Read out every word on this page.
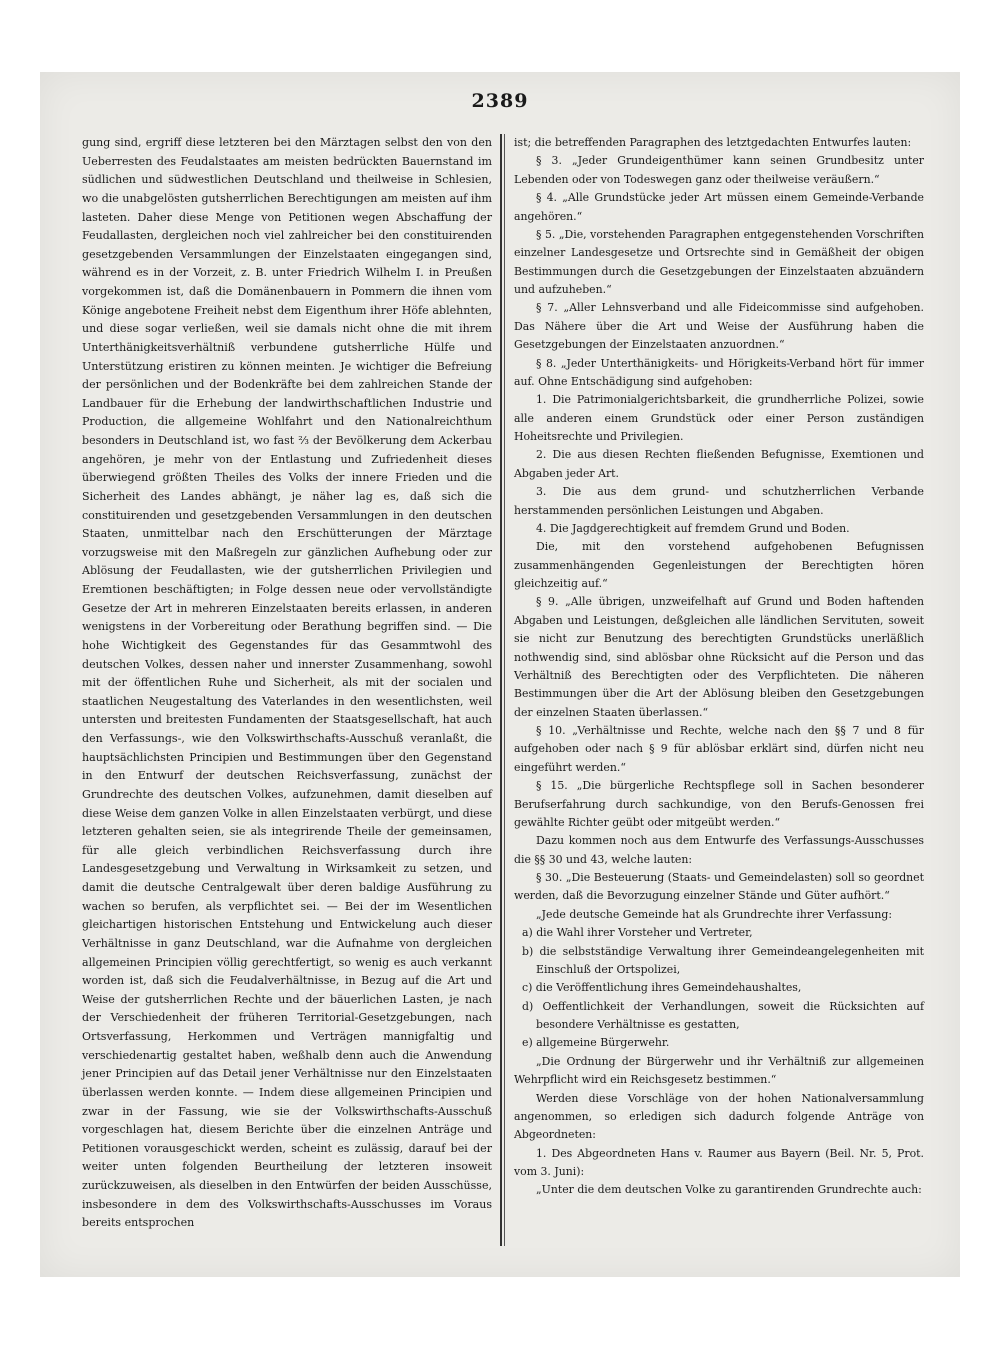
2389

gung sind, ergriff diese letzteren bei den Märztagen selbst den von den Ueberresten des Feudalstaates am meisten bedrückten Bauernstand im südlichen und südwestlichen Deutschland und theilweise in Schlesien, wo die unabgelösten gutsherrlichen Berechtigungen am meisten auf ihm lasteten. Daher diese Menge von Petitionen wegen Abschaffung der Feudallasten, dergleichen noch viel zahlreicher bei den constituirenden gesetzgebenden Versammlungen der Einzelstaaten eingegangen sind, während es in der Vorzeit, z. B. unter Friedrich Wilhelm I. in Preußen vorgekommen ist, daß die Domänenbauern in Pommern die ihnen vom Könige angebotene Freiheit nebst dem Eigenthum ihrer Höfe ablehnten, und diese sogar verließen, weil sie damals nicht ohne die mit ihrem Unterthänigkeitsverhältniß verbundene gutsherrliche Hülfe und Unterstützung eristiren zu können meinten. Je wichtiger die Befreiung der persönlichen und der Bodenkräfte bei dem zahlreichen Stande der Landbauer für die Erhebung der landwirthschaftlichen Industrie und Production, die allgemeine Wohlfahrt und den Nationalreichthum besonders in Deutschland ist, wo fast ⅔ der Bevölkerung dem Ackerbau angehören, je mehr von der Entlastung und Zufriedenheit dieses überwiegend größten Theiles des Volks der innere Frieden und die Sicherheit des Landes abhängt, je näher lag es, daß sich die constituirenden und gesetzgebenden Versammlungen in den deutschen Staaten, unmittelbar nach den Erschütterungen der Märztage vorzugsweise mit den Maßregeln zur gänzlichen Aufhebung oder zur Ablösung der Feudallasten, wie der gutsherrlichen Privilegien und Eremtionen beschäftigten; in Folge dessen neue oder vervollständigte Gesetze der Art in mehreren Einzelstaaten bereits erlassen, in anderen wenigstens in der Vorbereitung oder Berathung begriffen sind. — Die hohe Wichtigkeit des Gegenstandes für das Gesammtwohl des deutschen Volkes, dessen naher und innerster Zusammenhang, sowohl mit der öffentlichen Ruhe und Sicherheit, als mit der socialen und staatlichen Neugestaltung des Vaterlandes in den wesentlichsten, weil untersten und breitesten Fundamenten der Staatsgesellschaft, hat auch den Verfassungs-, wie den Volkswirthschafts-Ausschuß veranlaßt, die hauptsächlichsten Principien und Bestimmungen über den Gegenstand in den Entwurf der deutschen Reichsverfassung, zunächst der Grundrechte des deutschen Volkes, aufzunehmen, damit dieselben auf diese Weise dem ganzen Volke in allen Einzelstaaten verbürgt, und diese letzteren gehalten seien, sie als integrirende Theile der gemeinsamen, für alle gleich verbindlichen Reichsverfassung durch ihre Landesgesetzgebung und Verwaltung in Wirksamkeit zu setzen, und damit die deutsche Centralgewalt über deren baldige Ausführung zu wachen so berufen, als verpflichtet sei. — Bei der im Wesentlichen gleichartigen historischen Entstehung und Entwickelung auch dieser Verhältnisse in ganz Deutschland, war die Aufnahme von dergleichen allgemeinen Principien völlig gerechtfertigt, so wenig es auch verkannt worden ist, daß sich die Feudalverhältnisse, in Bezug auf die Art und Weise der gutsherrlichen Rechte und der bäuerlichen Lasten, je nach der Verschiedenheit der früheren Territorial-Gesetzgebungen, nach Ortsverfassung, Herkommen und Verträgen mannigfaltig und verschiedenartig gestaltet haben, weßhalb denn auch die Anwendung jener Principien auf das Detail jener Verhältnisse nur den Einzelstaaten überlassen werden konnte. — Indem diese allgemeinen Principien und zwar in der Fassung, wie sie der Volkswirthschafts-Ausschuß vorgeschlagen hat, diesem Berichte über die einzelnen Anträge und Petitionen vorausgeschickt werden, scheint es zulässig, darauf bei der weiter unten folgenden Beurtheilung der letzteren insoweit zurückzuweisen, als dieselben in den Entwürfen der beiden Ausschüsse, insbesondere in dem des Volkswirthschafts-Ausschusses im Voraus bereits entsprochen

ist; die betreffenden Paragraphen des letztgedachten Entwurfes lauten:

§ 3. „Jeder Grundeigenthümer kann seinen Grundbesitz unter Lebenden oder von Todeswegen ganz oder theilweise veräußern.“

§ 4. „Alle Grundstücke jeder Art müssen einem Gemeinde-Verbande angehören.“

§ 5. „Die, vorstehenden Paragraphen entgegenstehenden Vorschriften einzelner Landesgesetze und Ortsrechte sind in Gemäßheit der obigen Bestimmungen durch die Gesetzgebungen der Einzelstaaten abzuändern und aufzuheben.“

§ 7. „Aller Lehnsverband und alle Fideicommisse sind aufgehoben. Das Nähere über die Art und Weise der Ausführung haben die Gesetzgebungen der Einzelstaaten anzuordnen.“

§ 8. „Jeder Unterthänigkeits- und Hörigkeits-Verband hört für immer auf. Ohne Entschädigung sind aufgehoben:

1. Die Patrimonialgerichtsbarkeit, die grundherrliche Polizei, sowie alle anderen einem Grundstück oder einer Person zuständigen Hoheitsrechte und Privilegien.

2. Die aus diesen Rechten fließenden Befugnisse, Exemtionen und Abgaben jeder Art.

3. Die aus dem grund- und schutzherrlichen Verbande herstammenden persönlichen Leistungen und Abgaben.

4. Die Jagdgerechtigkeit auf fremdem Grund und Boden.

Die, mit den vorstehend aufgehobenen Befugnissen zusammenhängenden Gegenleistungen der Berechtigten hören gleichzeitig auf.“

§ 9. „Alle übrigen, unzweifelhaft auf Grund und Boden haftenden Abgaben und Leistungen, deßgleichen alle ländlichen Servituten, soweit sie nicht zur Benutzung des berechtigten Grundstücks unerläßlich nothwendig sind, sind ablösbar ohne Rücksicht auf die Person und das Verhältniß des Berechtigten oder des Verpflichteten. Die näheren Bestimmungen über die Art der Ablösung bleiben den Gesetzgebungen der einzelnen Staaten überlassen.“

§ 10. „Verhältnisse und Rechte, welche nach den §§ 7 und 8 für aufgehoben oder nach § 9 für ablösbar erklärt sind, dürfen nicht neu eingeführt werden.“

§ 15. „Die bürgerliche Rechtspflege soll in Sachen besonderer Berufserfahrung durch sachkundige, von den Berufs-Genossen frei gewählte Richter geübt oder mitgeübt werden.“

Dazu kommen noch aus dem Entwurfe des Verfassungs-Ausschusses die §§ 30 und 43, welche lauten:

§ 30. „Die Besteuerung (Staats- und Gemeindelasten) soll so geordnet werden, daß die Bevorzugung einzelner Stände und Güter aufhört.“

„Jede deutsche Gemeinde hat als Grundrechte ihrer Verfassung:

a) die Wahl ihrer Vorsteher und Vertreter,

b) die selbstständige Verwaltung ihrer Gemeindeangelegenheiten mit Einschluß der Ortspolizei,

c) die Veröffentlichung ihres Gemeindehaushaltes,

d) Oeffentlichkeit der Verhandlungen, soweit die Rücksichten auf besondere Verhältnisse es gestatten,

e) allgemeine Bürgerwehr.

„Die Ordnung der Bürgerwehr und ihr Verhältniß zur allgemeinen Wehrpflicht wird ein Reichsgesetz bestimmen.“

Werden diese Vorschläge von der hohen Nationalversammlung angenommen, so erledigen sich dadurch folgende Anträge von Abgeordneten:

1. Des Abgeordneten Hans v. Raumer aus Bayern (Beil. Nr. 5, Prot. vom 3. Juni):

„Unter die dem deutschen Volke zu garantirenden Grundrechte auch:
